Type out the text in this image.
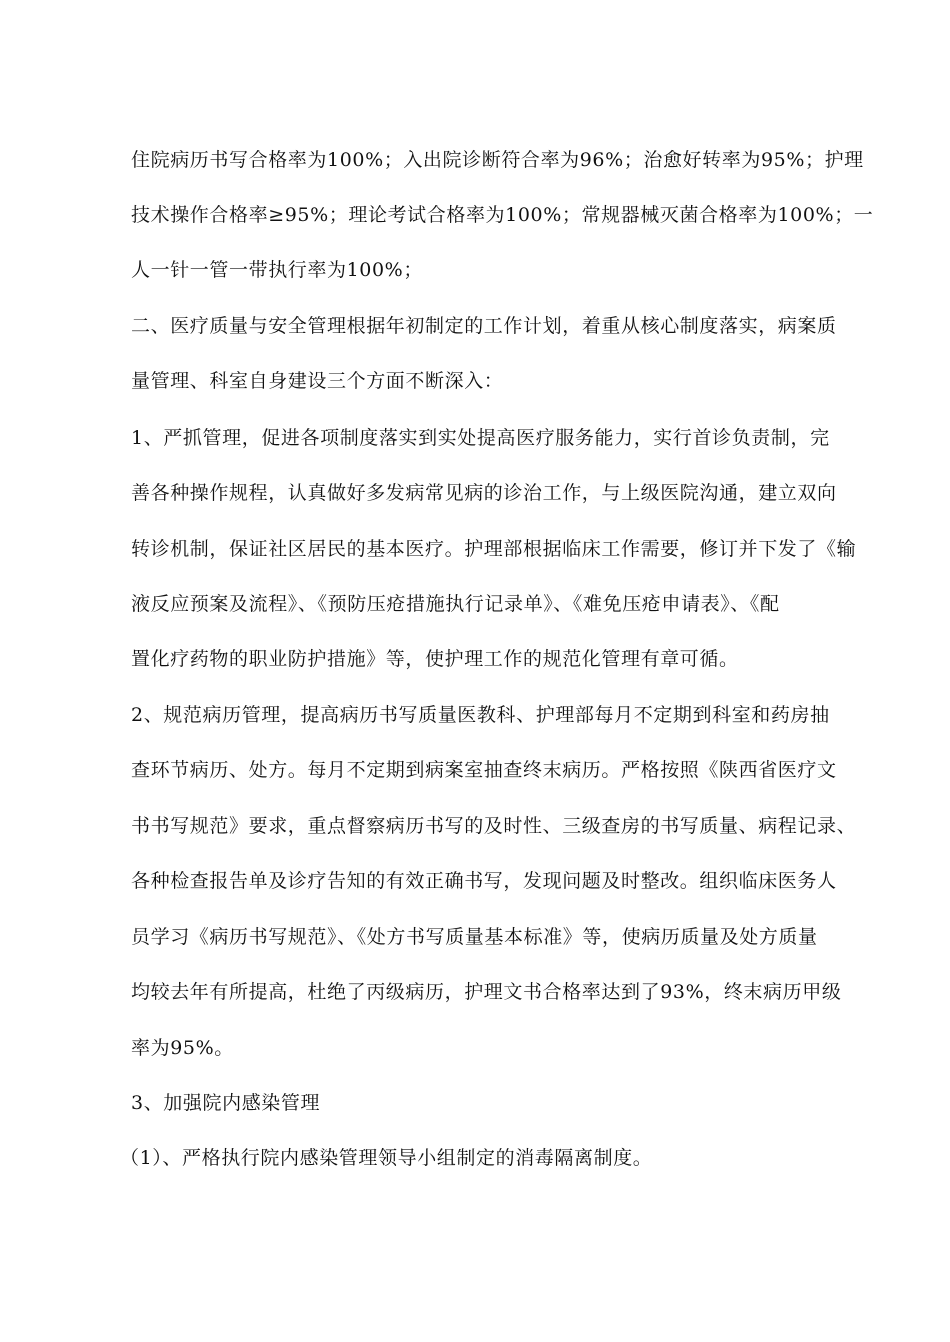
住院病历书写合格率为100%；入出院诊断符合率为96%；治愈好转率为95%；护理
技术操作合格率≥95%；理论考试合格率为100%；常规器械灭菌合格率为100%；一
人一针一管一带执行率为100%；
二、医疗质量与安全管理根据年初制定的工作计划，着重从核心制度落实，病案质
量管理、科室自身建设三个方面不断深入：
1、严抓管理，促进各项制度落实到实处提高医疗服务能力，实行首诊负责制，完
善各种操作规程，认真做好多发病常见病的诊治工作，与上级医院沟通，建立双向
转诊机制，保证社区居民的基本医疗。护理部根据临床工作需要，修订并下发了《输
液反应预案及流程》、《预防压疮措施执行记录单》、《难免压疮申请表》、《配
置化疗药物的职业防护措施》等，使护理工作的规范化管理有章可循。
2、规范病历管理，提高病历书写质量医教科、护理部每月不定期到科室和药房抽
查环节病历、处方。每月不定期到病案室抽查终末病历。严格按照《陕西省医疗文
书书写规范》要求，重点督察病历书写的及时性、三级查房的书写质量、病程记录、
各种检查报告单及诊疗告知的有效正确书写，发现问题及时整改。组织临床医务人
员学习《病历书写规范》、《处方书写质量基本标准》等，使病历质量及处方质量
均较去年有所提高，杜绝了丙级病历，护理文书合格率达到了93%，终末病历甲级
率为95%。
3、加强院内感染管理
（1）、严格执行院内感染管理领导小组制定的消毒隔离制度。
